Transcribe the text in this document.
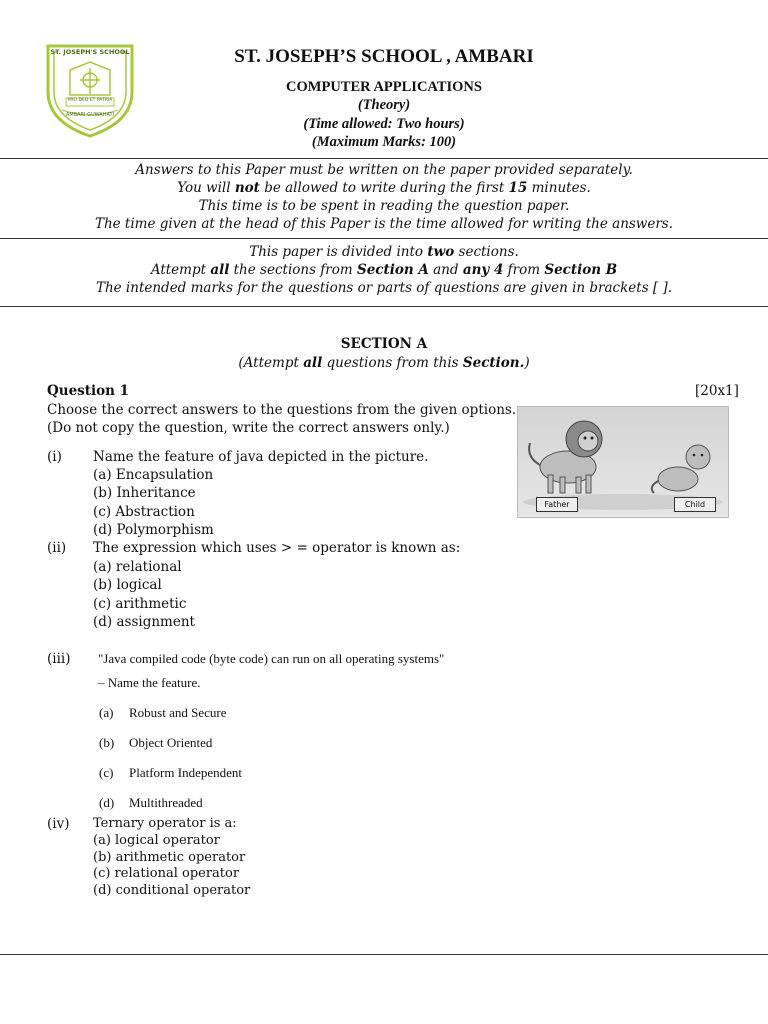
ST. JOSEPH'S SCHOOL
PRO DEO ET PATRIA
AMBARI GUWAHATI
ST. JOSEPH’S SCHOOL , AMBARI
COMPUTER APPLICATIONS
(Theory)
(Time allowed: Two hours)
(Maximum Marks: 100)
Answers to this Paper must be written on the paper provided separately.
You will not be allowed to write during the first 15 minutes.
This time is to be spent in reading the question paper.
The time given at the head of this Paper is the time allowed for writing the answers.
This paper is divided into two sections.
Attempt all the sections from Section A and any 4 from Section B
The intended marks for the questions or parts of questions are given in brackets [ ].
SECTION A
(Attempt all questions from this Section.)
Question 1	[20x1]
Choose the correct answers to the questions from the given options.
(Do not copy the question, write the correct answers only.)
Father	Child
(i) Name the feature of java depicted in the picture.
(a) Encapsulation
(b) Inheritance
(c) Abstraction
(d) Polymorphism
(ii) The expression which uses > = operator is known as:
(a) relational
(b) logical
(c) arithmetic
(d) assignment
(iii) "Java compiled code (byte code) can run on all operating systems"
– Name the feature.
(a) Robust and Secure
(b) Object Oriented
(c) Platform Independent
(d) Multithreaded
(iv) Ternary operator is a:
(a) logical operator
(b) arithmetic operator
(c) relational operator
(d) conditional operator
